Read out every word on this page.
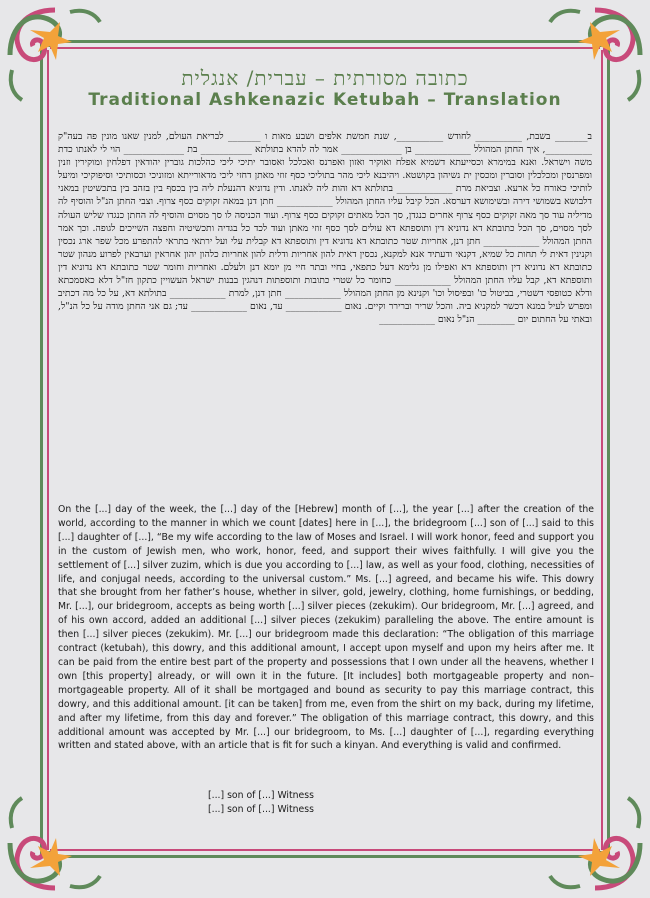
כתובה מסורתית – עברית/ אנגלית
Traditional Ashkenazic Ketubah – Translation
ב_______ בשבת, __________ לחודש __________, שנת חמשת אלפים ושבע מאות ו _______ לבריאת העולם, למנין שאנו מונין פה בעה"ק __________, איך החתן המהולל ____________ בן _____________ אמר לה להדא בתולתא ___________ בת _____________ הוי לי לאנתו כדת משה וישראל. ואנא במימרא וכסייעתא דשמיא אפלח ואוקיר ואזון ואפרנס ואכלכל ואסובר יתיכי ליכי כהלכות גוברין יהודאין דפלחין ומוקירין וזנין ומפרנסין ומכלכלין וסוברין ומכסין ית נשיהון בקושטא. ויהיבנא ליכי מהר בתוליכי כסף זוזי מאתן דחזי ליכי מדאורייתא ומזוניכי וכסותיכי וסיפוקיכי ומיעל לותיכי כאורח כל ארעא. וצביאת מרת ____________ בתולתא דא והות ליה לאנתו. ודין נדוניא דהנעלת ליה בין בכסף בין בזהב בין בתכשיטין במאני דלבושא בשמושי דירה ובשימושא דערסא. הכל קיבל עליו החתן המהולל ____________ חתן דנן במאה זקוקים כסף צרוף. וצבי החתן הנ"ל והוסיף לה מדיליה עוד סך מאה זקוקים כסף צרוף אחרים כנגדן, סך הכל מאתים זקוקים כסף צרוף. ועוד הכניסה לו סך מסוים והוסיף לה החתן כנגדו שליש העולה לסך מסוים, סך הכל כתובתא דא נדוניא דין ותוספתא דא עולים לסך כסף זוזי מאתן ועוד לכד כל בגדיה ותכשיטיה וחפצה השייכים לגופה. וכך אמר החתן המהולל ____________ חתן דנן, אחריות שטר כתובתא דא נדוניא דין ותוספתא דא קבלית עלי ועל ירתאי בתראי להתפרע מכל שפר ארג נכסין וקנינין דאית לי תחות כל שמיא, דקנאי ודעתיד אנא למקנא, נכסין דאית להון אחריות ודלית להון אחריות כלהון יהון אחראין וערבאין לפרוע מנהון שטר כתובתא דא נדוניא דין ותוספתא דא ואפילו מן גלימא דעל כתפאי, בחיי ובתר חיי מן יומא דנן ולעלם. ואחריות וחומר שטר כתובתא דא נדוניא דין ותוספתא דא, קבל עליו החתן המהולל ____________ כחומר כל שטרי כתובות ותוספתות דנהגין בבנות ישראל העשויין כתקון חז"ל דלא כאסמכתא ודלא כטופסי דשטרי, בביטול כו' ובפיסול וכו' וקנינא מן החתן המהולל ____________ חתן דנן, למרת ____________ בתולתא דא, על כל מה דכתיב ומפרש לעיל במנא דכשר למקניא ביה. והכל שריר וברירר וקיים. נאום ____________ עד, נאום ____________ עד; גם אני החתן מודה על כל הנ"ל, ובאתי על החתום יום ________ הנ"ל נאום ____________
On the [...] day of the week, the [...] day of the [Hebrew] month of [...], the year [...] after the creation of the world, according to the manner in which we count [dates] here in [...], the bridegroom [...] son of [...] said to this [...] daughter of [...], “Be my wife according to the law of Moses and Israel. I will work honor, feed and support you in the custom of Jewish men, who work, honor, feed, and support their wives faithfully. I will give you the settlement of [...] silver zuzim, which is due you according to [...] law, as well as your food, clothing, necessities of life, and conjugal needs, according to the universal custom.” Ms. [...] agreed, and became his wife. This dowry that she brought from her father’s house, whether in silver, gold, jewelry, clothing, home furnishings, or bedding, Mr. [...], our bridegroom, accepts as being worth [...] silver pieces (zekukim). Our bridegroom, Mr. [...] agreed, and of his own accord, added an additional [...] silver pieces (zekukim) paralleling the above. The entire amount is then [...] silver pieces (zekukim). Mr. [...] our bridegroom made this declaration: “The obligation of this marriage contract (ketubah), this dowry, and this additional amount, I accept upon myself and upon my heirs after me. It can be paid from the entire best part of the property and possessions that I own under all the heavens, whether I own [this property] already, or will own it in the future. [It includes] both mortgageable property and non–mortgageable property. All of it shall be mortgaged and bound as security to pay this marriage contract, this dowry, and this additional amount. [it can be taken] from me, even from the shirt on my back, during my lifetime, and after my lifetime, from this day and forever.” The obligation of this marriage contract, this dowry, and this additional amount was accepted by Mr. [...] our bridegroom, to Ms. [...] daughter of [...], regarding everything written and stated above, with an article that is fit for such a kinyan. And everything is valid and confirmed.
[...] son of [...] Witness
[...] son of [...] Witness
